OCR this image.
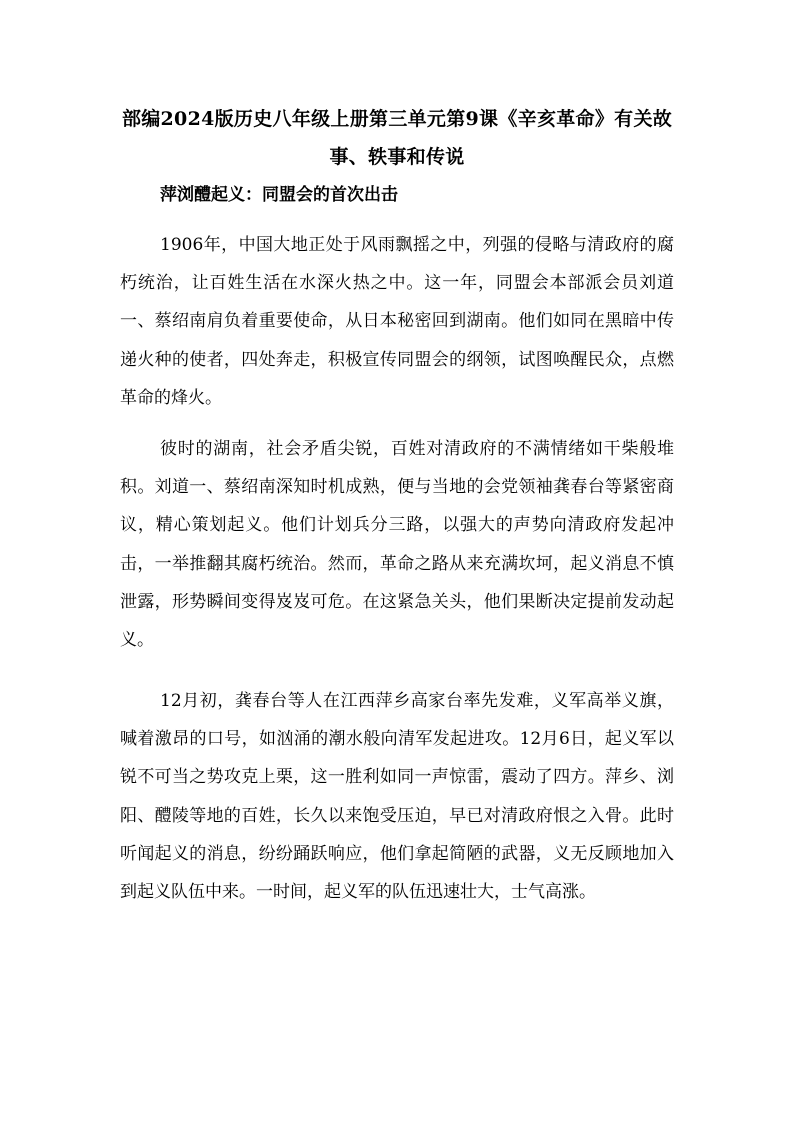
部编2024版历史八年级上册第三单元第9课《辛亥革命》有关故事、轶事和传说
萍浏醴起义：同盟会的首次出击

1906年，中国大地正处于风雨飘摇之中，列强的侵略与清政府的腐朽统治，让百姓生活在水深火热之中。这一年，同盟会本部派会员刘道一、蔡绍南肩负着重要使命，从日本秘密回到湖南。他们如同在黑暗中传递火种的使者，四处奔走，积极宣传同盟会的纲领，试图唤醒民众，点燃革命的烽火。

彼时的湖南，社会矛盾尖锐，百姓对清政府的不满情绪如干柴般堆积。刘道一、蔡绍南深知时机成熟，便与当地的会党领袖龚春台等紧密商议，精心策划起义。他们计划兵分三路，以强大的声势向清政府发起冲击，一举推翻其腐朽统治。然而，革命之路从来充满坎坷，起义消息不慎泄露，形势瞬间变得岌岌可危。在这紧急关头，他们果断决定提前发动起义。

12月初，龚春台等人在江西萍乡高家台率先发难，义军高举义旗，喊着激昂的口号，如汹涌的潮水般向清军发起进攻。12月6日，起义军以锐不可当之势攻克上栗，这一胜利如同一声惊雷，震动了四方。萍乡、浏阳、醴陵等地的百姓，长久以来饱受压迫，早已对清政府恨之入骨。此时听闻起义的消息，纷纷踊跃响应，他们拿起简陋的武器，义无反顾地加入到起义队伍中来。一时间，起义军的队伍迅速壮大，士气高涨。
